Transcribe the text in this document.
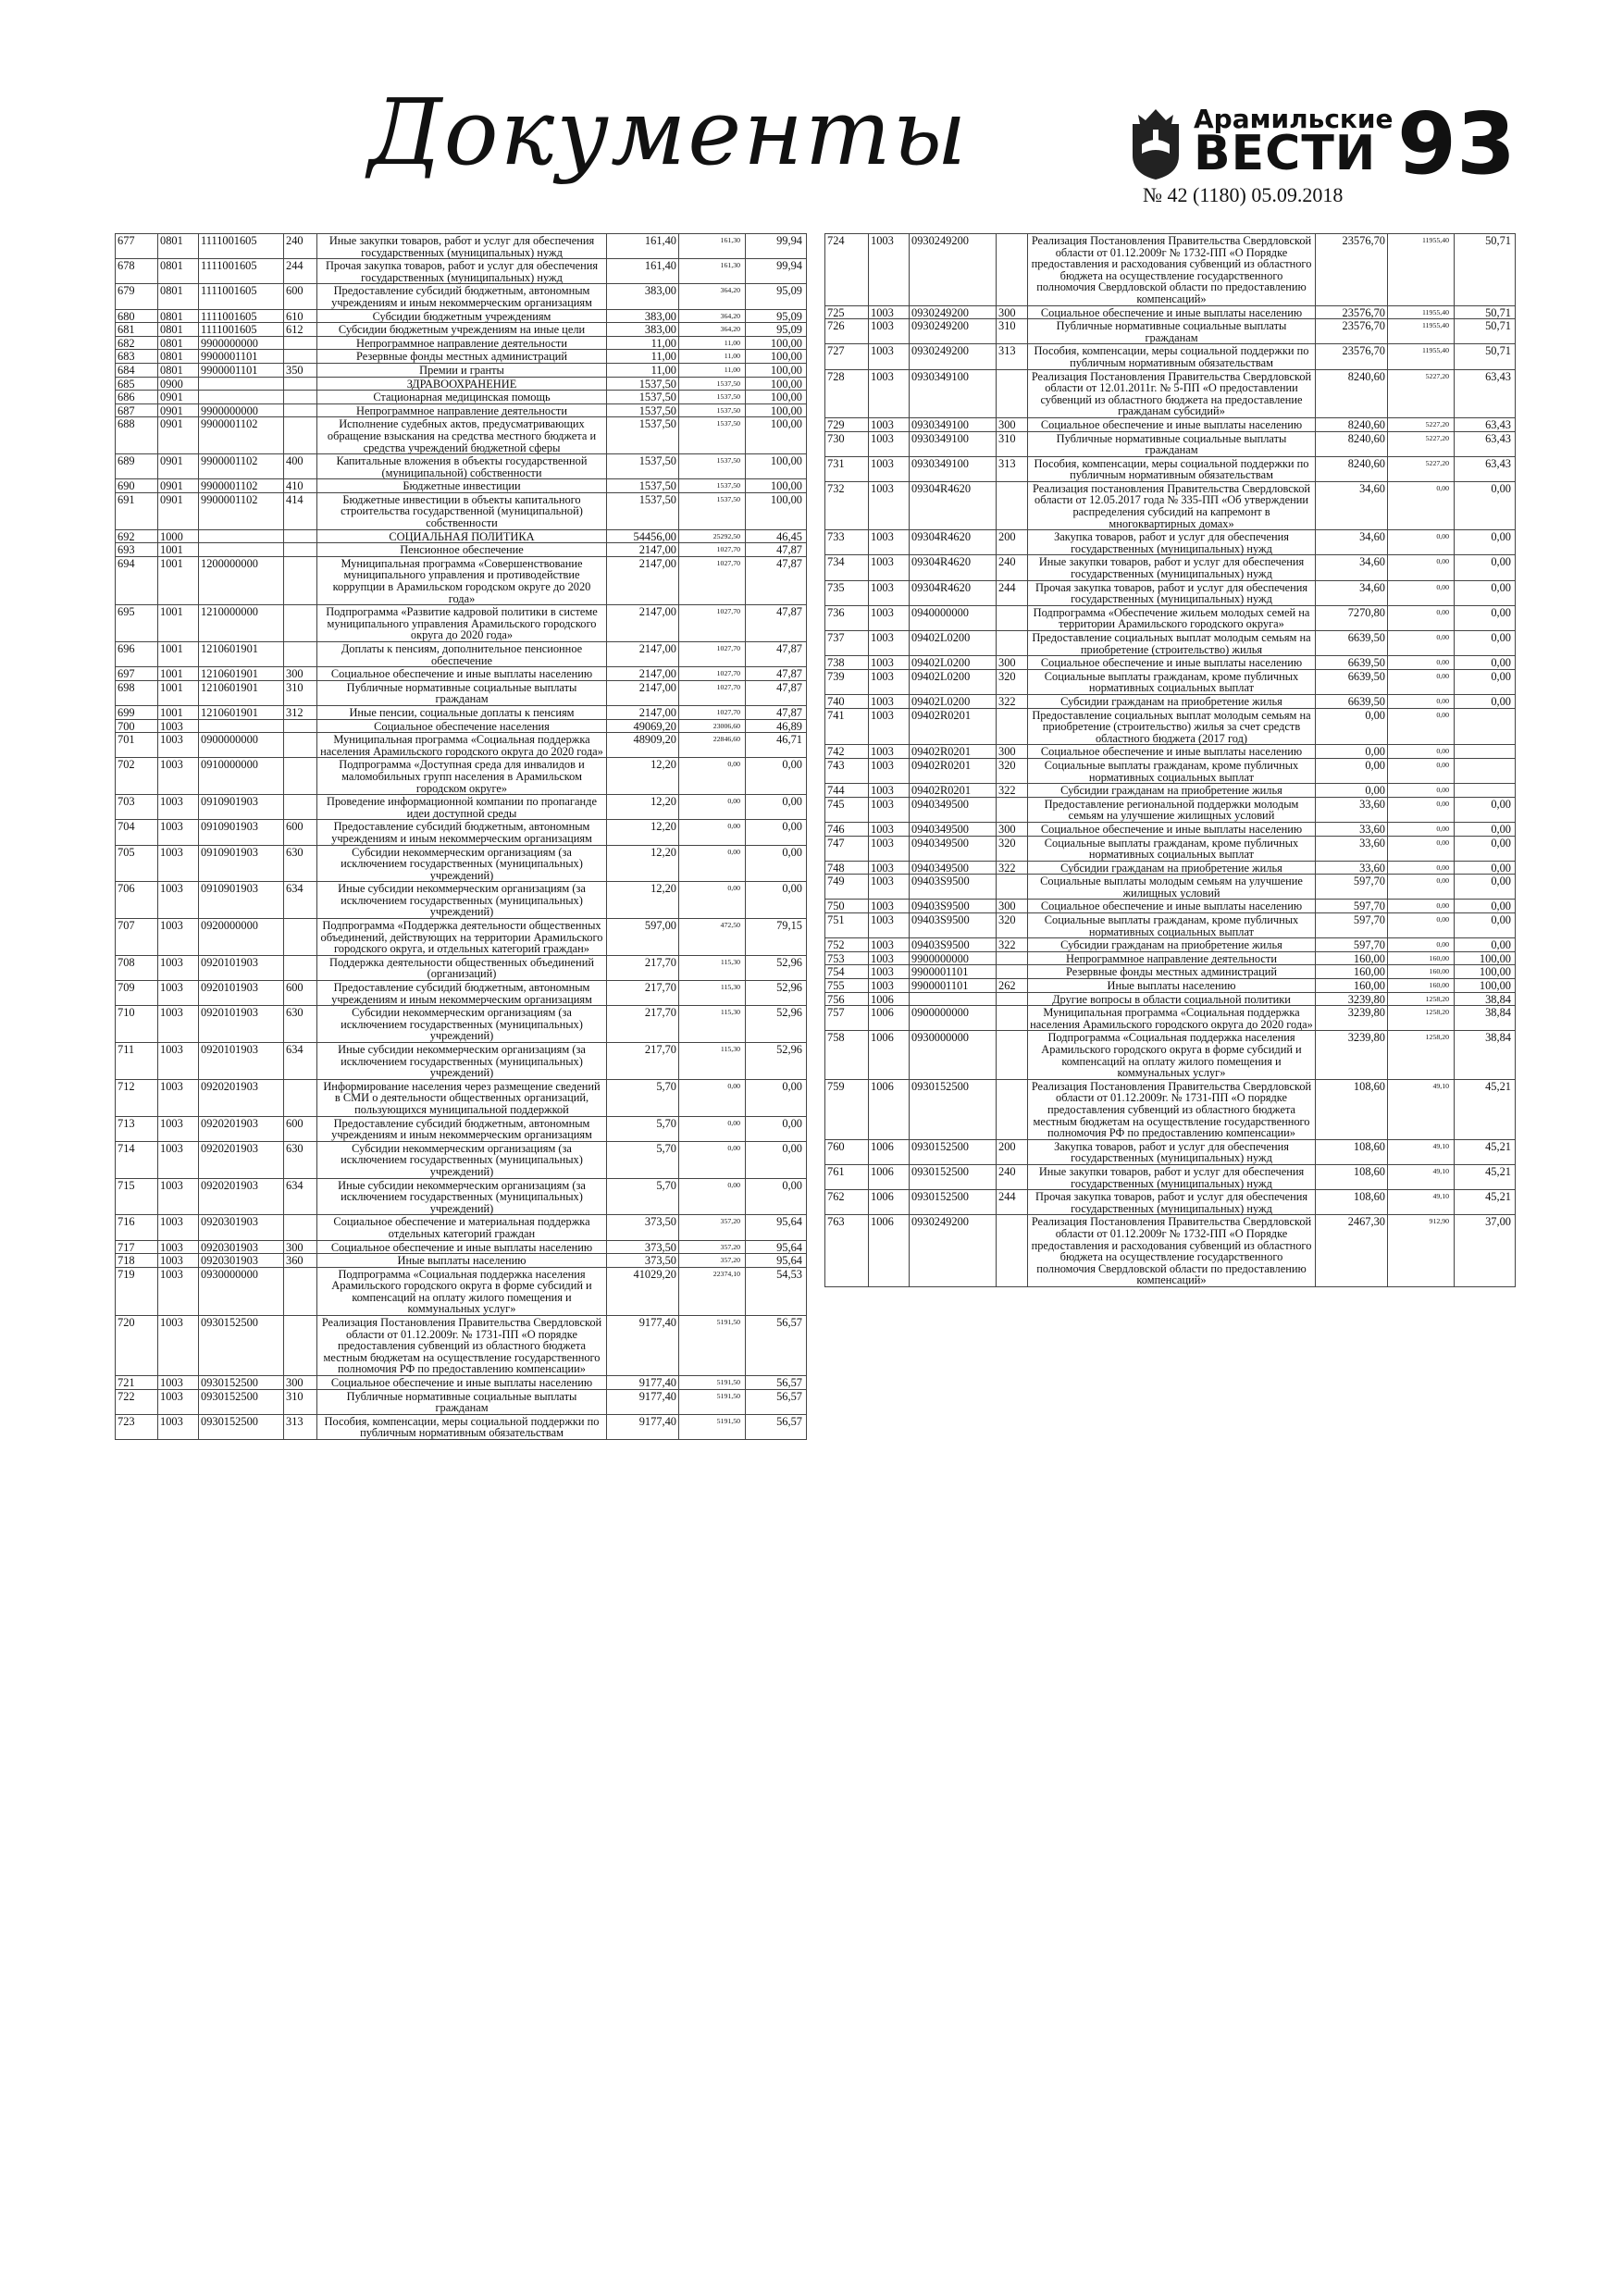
Документы	Арамильские
ВЕСТИ 93
№ 42 (1180) 05.09.2018
677	0801	1111001605	240	Иные закупки товаров, работ и услуг для обеспечения государственных (муниципальных) нужд	161,40	161,30	99,94
678	0801	1111001605	244	Прочая закупка товаров, работ и услуг для обеспечения государственных (муниципальных) нужд	161,40	161,30	99,94
679	0801	1111001605	600	Предоставление субсидий бюджетным, автономным учреждениям и иным некоммерческим организациям	383,00	364,20	95,09
680	0801	1111001605	610	Субсидии бюджетным учреждениям	383,00	364,20	95,09
681	0801	1111001605	612	Субсидии бюджетным учреждениям на иные цели	383,00	364,20	95,09
682	0801	9900000000		Непрограммное направление деятельности	11,00	11,00	100,00
683	0801	9900001101		Резервные фонды местных администраций	11,00	11,00	100,00
684	0801	9900001101	350	Премии и гранты	11,00	11,00	100,00
685	0900			ЗДРАВООХРАНЕНИЕ	1537,50	1537,50	100,00
686	0901			Стационарная медицинская помощь	1537,50	1537,50	100,00
687	0901	9900000000		Непрограммное направление деятельности	1537,50	1537,50	100,00
688	0901	9900001102		Исполнение судебных актов, предусматривающих обращение взыскания на средства местного бюджета и средства учреждений бюджетной сферы	1537,50	1537,50	100,00
689	0901	9900001102	400	Капитальные вложения в объекты государственной (муниципальной) собственности	1537,50	1537,50	100,00
690	0901	9900001102	410	Бюджетные инвестиции	1537,50	1537,50	100,00
691	0901	9900001102	414	Бюджетные инвестиции в объекты капитального строительства государственной (муниципальной) собственности	1537,50	1537,50	100,00
692	1000			СОЦИАЛЬНАЯ ПОЛИТИКА	54456,00	25292,50	46,45
693	1001			Пенсионное обеспечение	2147,00	1027,70	47,87
694	1001	1200000000		Муниципальная программа «Совершенствование муниципального управления и противодействие коррупции в Арамильском городском округе до 2020 года»	2147,00	1027,70	47,87
695	1001	1210000000		Подпрограмма «Развитие кадровой политики в системе муниципального управления Арамильского городского округа до 2020 года»	2147,00	1027,70	47,87
696	1001	1210601901		Доплаты к пенсиям, дополнительное пенсионное обеспечение	2147,00	1027,70	47,87
697	1001	1210601901	300	Социальное обеспечение и иные выплаты населению	2147,00	1027,70	47,87
698	1001	1210601901	310	Публичные нормативные социальные выплаты гражданам	2147,00	1027,70	47,87
699	1001	1210601901	312	Иные пенсии, социальные доплаты к пенсиям	2147,00	1027,70	47,87
700	1003			Социальное обеспечение населения	49069,20	23006,60	46,89
701	1003	0900000000		Муниципальная программа «Социальная поддержка населения Арамильского городского округа до 2020 года»	48909,20	22846,60	46,71
702	1003	0910000000		Подпрограмма «Доступная среда для инвалидов и маломобильных групп населения в Арамильском городском округе»	12,20	0,00	0,00
703	1003	0910901903		Проведение информационной компании по пропаганде идеи доступной среды	12,20	0,00	0,00
704	1003	0910901903	600	Предоставление субсидий бюджетным, автономным учреждениям и иным некоммерческим организациям	12,20	0,00	0,00
705	1003	0910901903	630	Субсидии некоммерческим организациям (за исключением государственных (муниципальных) учреждений)	12,20	0,00	0,00
706	1003	0910901903	634	Иные субсидии некоммерческим организациям (за исключением государственных (муниципальных) учреждений)	12,20	0,00	0,00
707	1003	0920000000		Подпрограмма «Поддержка деятельности общественных объединений, действующих на территории Арамильского городского округа, и отдельных категорий граждан»	597,00	472,50	79,15
708	1003	0920101903		Поддержка деятельности общественных объединений (организаций)	217,70	115,30	52,96
709	1003	0920101903	600	Предоставление субсидий бюджетным, автономным учреждениям и иным некоммерческим организациям	217,70	115,30	52,96
710	1003	0920101903	630	Субсидии некоммерческим организациям (за исключением государственных (муниципальных) учреждений)	217,70	115,30	52,96
711	1003	0920101903	634	Иные субсидии некоммерческим организациям (за исключением государственных (муниципальных) учреждений)	217,70	115,30	52,96
712	1003	0920201903		Информирование населения через размещение сведений в СМИ о деятельности общественных организаций, пользующихся муниципальной поддержкой	5,70	0,00	0,00
713	1003	0920201903	600	Предоставление субсидий бюджетным, автономным учреждениям и иным некоммерческим организациям	5,70	0,00	0,00
714	1003	0920201903	630	Субсидии некоммерческим организациям (за исключением государственных (муниципальных) учреждений)	5,70	0,00	0,00
715	1003	0920201903	634	Иные субсидии некоммерческим организациям (за исключением государственных (муниципальных) учреждений)	5,70	0,00	0,00
716	1003	0920301903		Социальное обеспечение и материальная поддержка отдельных категорий граждан	373,50	357,20	95,64
717	1003	0920301903	300	Социальное обеспечение и иные выплаты населению	373,50	357,20	95,64
718	1003	0920301903	360	Иные выплаты населению	373,50	357,20	95,64
719	1003	0930000000		Подпрограмма «Социальная поддержка населения Арамильского городского округа в форме субсидий и компенсаций на оплату жилого помещения и коммунальных услуг»	41029,20	22374,10	54,53
720	1003	0930152500		Реализация Постановления Правительства Свердловской области от 01.12.2009г. № 1731-ПП «О порядке предоставления субвенций из областного бюджета местным бюджетам на осуществление государственного полномочия РФ по предоставлению компенсации»	9177,40	5191,50	56,57
721	1003	0930152500	300	Социальное обеспечение и иные выплаты населению	9177,40	5191,50	56,57
722	1003	0930152500	310	Публичные нормативные социальные выплаты гражданам	9177,40	5191,50	56,57
723	1003	0930152500	313	Пособия, компенсации, меры социальной поддержки по публичным нормативным обязательствам	9177,40	5191,50	56,57
724	1003	0930249200		Реализация Постановления Правительства Свердловской области от 01.12.2009г № 1732-ПП «О Порядке предоставления и расходования субвенций из областного бюджета на осуществление государственного полномочия Свердловской области по предоставлению компенсаций»	23576,70	11955,40	50,71
725	1003	0930249200	300	Социальное обеспечение и иные выплаты населению	23576,70	11955,40	50,71
726	1003	0930249200	310	Публичные нормативные социальные выплаты гражданам	23576,70	11955,40	50,71
727	1003	0930249200	313	Пособия, компенсации, меры социальной поддержки по публичным нормативным обязательствам	23576,70	11955,40	50,71
728	1003	0930349100		Реализация Постановления Правительства Свердловской области от 12.01.2011г. № 5-ПП «О предоставлении субвенций из областного бюджета на предоставление гражданам субсидий»	8240,60	5227,20	63,43
729	1003	0930349100	300	Социальное обеспечение и иные выплаты населению	8240,60	5227,20	63,43
730	1003	0930349100	310	Публичные нормативные социальные выплаты гражданам	8240,60	5227,20	63,43
731	1003	0930349100	313	Пособия, компенсации, меры социальной поддержки по публичным нормативным обязательствам	8240,60	5227,20	63,43
732	1003	09304R4620		Реализация постановления Правительства Свердловской области от 12.05.2017 года № 335-ПП «Об утверждении распределения субсидий на капремонт в многоквартирных домах»	34,60	0,00	0,00
733	1003	09304R4620	200	Закупка товаров, работ и услуг для обеспечения государственных (муниципальных) нужд	34,60	0,00	0,00
734	1003	09304R4620	240	Иные закупки товаров, работ и услуг для обеспечения государственных (муниципальных) нужд	34,60	0,00	0,00
735	1003	09304R4620	244	Прочая закупка товаров, работ и услуг для обеспечения государственных (муниципальных) нужд	34,60	0,00	0,00
736	1003	0940000000		Подпрограмма «Обеспечение жильем молодых семей на территории Арамильского городского округа»	7270,80	0,00	0,00
737	1003	09402L0200		Предоставление социальных выплат молодым семьям на приобретение (строительство) жилья	6639,50	0,00	0,00
738	1003	09402L0200	300	Социальное обеспечение и иные выплаты населению	6639,50	0,00	0,00
739	1003	09402L0200	320	Социальные выплаты гражданам, кроме публичных нормативных социальных выплат	6639,50	0,00	0,00
740	1003	09402L0200	322	Субсидии гражданам на приобретение жилья	6639,50	0,00	0,00
741	1003	09402R0201		Предоставление социальных выплат молодым семьям на приобретение (строительство) жилья за счет средств областного бюджета (2017 год)	0,00	0,00	
742	1003	09402R0201	300	Социальное обеспечение и иные выплаты населению	0,00	0,00	
743	1003	09402R0201	320	Социальные выплаты гражданам, кроме публичных нормативных социальных выплат	0,00	0,00	
744	1003	09402R0201	322	Субсидии гражданам на приобретение жилья	0,00	0,00	
745	1003	0940349500		Предоставление региональной поддержки молодым семьям на улучшение жилищных условий	33,60	0,00	0,00
746	1003	0940349500	300	Социальное обеспечение и иные выплаты населению	33,60	0,00	0,00
747	1003	0940349500	320	Социальные выплаты гражданам, кроме публичных нормативных социальных выплат	33,60	0,00	0,00
748	1003	0940349500	322	Субсидии гражданам на приобретение жилья	33,60	0,00	0,00
749	1003	09403S9500		Социальные выплаты молодым семьям на улучшение жилищных условий	597,70	0,00	0,00
750	1003	09403S9500	300	Социальное обеспечение и иные выплаты населению	597,70	0,00	0,00
751	1003	09403S9500	320	Социальные выплаты гражданам, кроме публичных нормативных социальных выплат	597,70	0,00	0,00
752	1003	09403S9500	322	Субсидии гражданам на приобретение жилья	597,70	0,00	0,00
753	1003	9900000000		Непрограммное направление деятельности	160,00	160,00	100,00
754	1003	9900001101		Резервные фонды местных администраций	160,00	160,00	100,00
755	1003	9900001101	262	Иные выплаты населению	160,00	160,00	100,00
756	1006			Другие вопросы в области социальной политики	3239,80	1258,20	38,84
757	1006	0900000000		Муниципальная программа «Социальная поддержка населения Арамильского городского округа до 2020 года»	3239,80	1258,20	38,84
758	1006	0930000000		Подпрограмма «Социальная поддержка населения Арамильского городского округа в форме субсидий и компенсаций на оплату жилого помещения и коммунальных услуг»	3239,80	1258,20	38,84
759	1006	0930152500		Реализация Постановления Правительства Свердловской области от 01.12.2009г. № 1731-ПП «О порядке предоставления субвенций из областного бюджета местным бюджетам на осуществление государственного полномочия РФ по предоставлению компенсации»	108,60	49,10	45,21
760	1006	0930152500	200	Закупка товаров, работ и услуг для обеспечения государственных (муниципальных) нужд	108,60	49,10	45,21
761	1006	0930152500	240	Иные закупки товаров, работ и услуг для обеспечения государственных (муниципальных) нужд	108,60	49,10	45,21
762	1006	0930152500	244	Прочая закупка товаров, работ и услуг для обеспечения государственных (муниципальных) нужд	108,60	49,10	45,21
763	1006	0930249200		Реализация Постановления Правительства Свердловской области от 01.12.2009г № 1732-ПП «О Порядке предоставления и расходования субвенций из областного бюджета на осуществление государственного полномочия Свердловской области по предоставлению компенсаций»	2467,30	912,90	37,00
